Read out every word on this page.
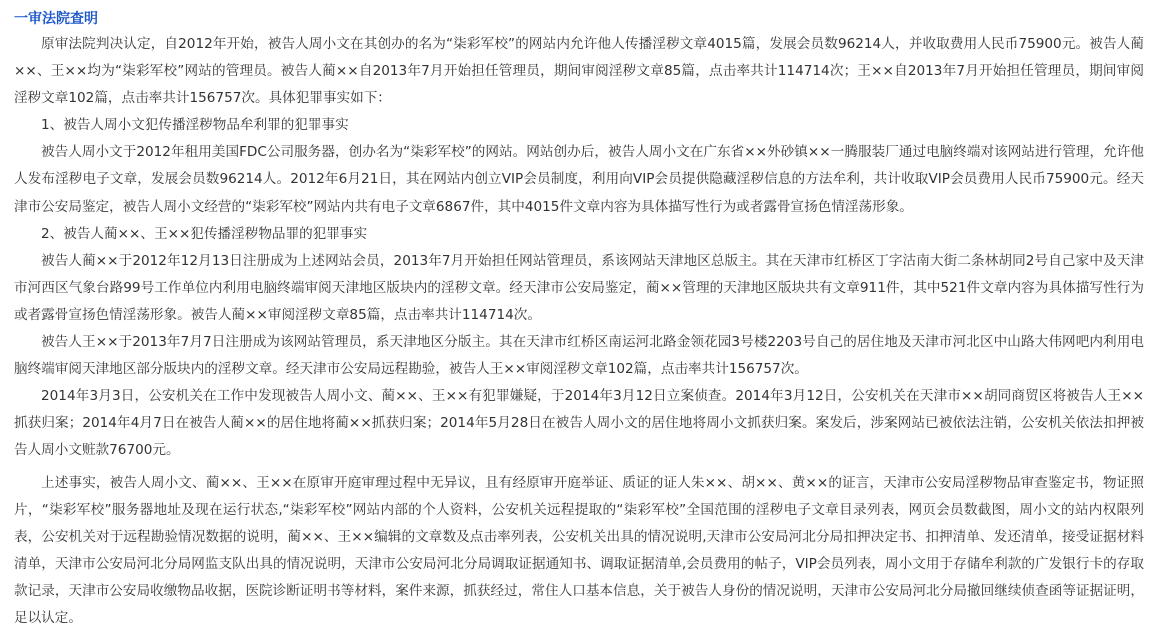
一审法院查明

原审法院判决认定，自2012年开始，被告人周小文在其创办的名为“柒彩军校”的网站内允许他人传播淫秽文章4015篇，发展会员数96214人，并收取费用人民币75900元。被告人蔺××、王××均为“柒彩军校”网站的管理员。被告人蔺××自2013年7月开始担任管理员，期间审阅淫秽文章85篇，点击率共计114714次；王××自2013年7月开始担任管理员，期间审阅淫秽文章102篇，点击率共计156757次。具体犯罪事实如下：

1、被告人周小文犯传播淫秽物品牟利罪的犯罪事实

被告人周小文于2012年租用美国FDC公司服务器，创办名为“柒彩军校”的网站。网站创办后，被告人周小文在广东省××外砂镇××一腾服装厂通过电脑终端对该网站进行管理，允许他人发布淫秽电子文章，发展会员数96214人。2012年6月21日，其在网站内创立VIP会员制度，利用向VIP会员提供隐藏淫秽信息的方法牟利，共计收取VIP会员费用人民币75900元。经天津市公安局鉴定，被告人周小文经营的“柒彩军校”网站内共有电子文章6867件，其中4015件文章内容为具体描写性行为或者露骨宣扬色情淫荡形象。

2、被告人蔺××、王××犯传播淫秽物品罪的犯罪事实

被告人蔺××于2012年12月13日注册成为上述网站会员，2013年7月开始担任网站管理员，系该网站天津地区总版主。其在天津市红桥区丁字沽南大街二条林胡同2号自己家中及天津市河西区气象台路99号工作单位内利用电脑终端审阅天津地区版块内的淫秽文章。经天津市公安局鉴定，蔺××管理的天津地区版块共有文章911件，其中521件文章内容为具体描写性行为或者露骨宣扬色情淫荡形象。被告人蔺××审阅淫秽文章85篇，点击率共计114714次。

被告人王××于2013年7月7日注册成为该网站管理员，系天津地区分版主。其在天津市红桥区南运河北路金领花园3号楼2203号自己的居住地及天津市河北区中山路大伟网吧内利用电脑终端审阅天津地区部分版块内的淫秽文章。经天津市公安局远程勘验，被告人王××审阅淫秽文章102篇，点击率共计156757次。

2014年3月3日，公安机关在工作中发现被告人周小文、蔺××、王××有犯罪嫌疑，于2014年3月12日立案侦查。2014年3月12日，公安机关在天津市××胡同商贸区将被告人王××抓获归案；2014年4月7日在被告人蔺××的居住地将蔺××抓获归案；2014年5月28日在被告人周小文的居住地将周小文抓获归案。案发后，涉案网站已被依法注销，公安机关依法扣押被告人周小文赃款76700元。

上述事实，被告人周小文、蔺××、王××在原审开庭审理过程中无异议，且有经原审开庭举证、质证的证人朱××、胡××、黄××的证言，天津市公安局淫秽物品审查鉴定书，物证照片，“柒彩军校”服务器地址及现在运行状态,“柒彩军校”网站内部的个人资料，公安机关远程提取的“柒彩军校”全国范围的淫秽电子文章目录列表，网页会员数截图，周小文的站内权限列表，公安机关对于远程勘验情况数据的说明，蔺××、王××编辑的文章数及点击率列表，公安机关出具的情况说明,天津市公安局河北分局扣押决定书、扣押清单、发还清单，接受证据材料清单，天津市公安局河北分局网监支队出具的情况说明，天津市公安局河北分局调取证据通知书、调取证据清单,会员费用的帖子，VIP会员列表，周小文用于存储牟利款的广发银行卡的存取款记录，天津市公安局收缴物品收据，医院诊断证明书等材料，案件来源，抓获经过，常住人口基本信息，关于被告人身份的情况说明，天津市公安局河北分局撤回继续侦查函等证据证明，足以认定。
